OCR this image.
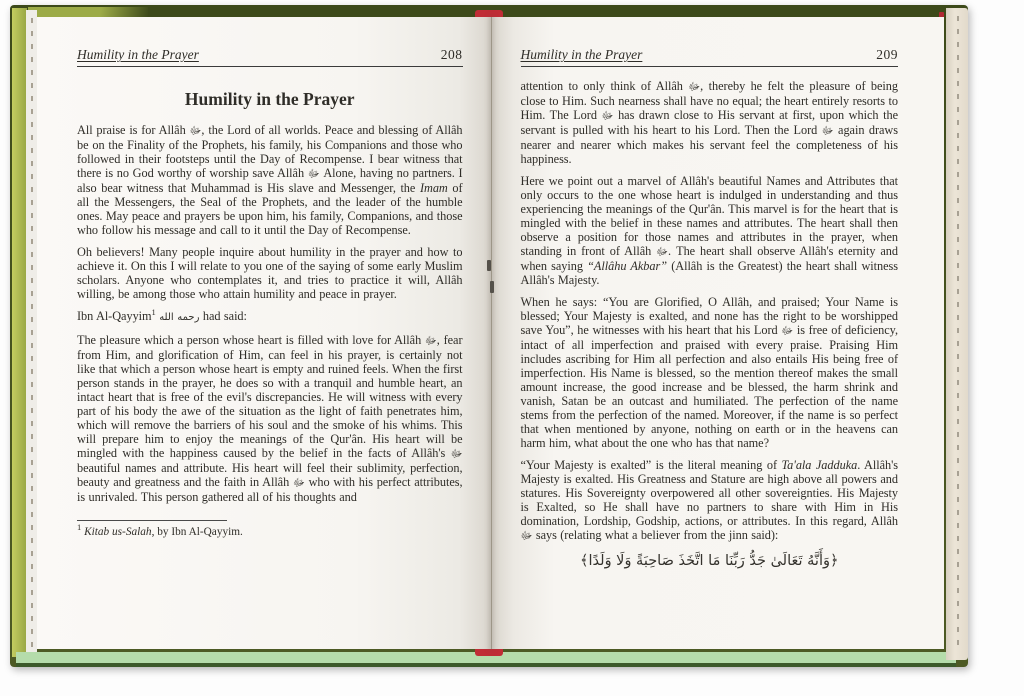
Humility in the Prayer	208
Humility in the Prayer

All praise is for Allâh ﷻ, the Lord of all worlds. Peace and blessing of Allâh be on the Finality of the Prophets, his family, his Companions and those who followed in their footsteps until the Day of Recompense. I bear witness that there is no God worthy of worship save Allâh ﷻ Alone, having no partners. I also bear witness that Muhammad is His slave and Messenger, the Imam of all the Messengers, the Seal of the Prophets, and the leader of the humble ones. May peace and prayers be upon him, his family, Companions, and those who follow his message and call to it until the Day of Recompense.

Oh believers! Many people inquire about humility in the prayer and how to achieve it. On this I will relate to you one of the saying of some early Muslim scholars. Anyone who contemplates it, and tries to practice it will, Allâh willing, be among those who attain humility and peace in prayer.

Ibn Al-Qayyim$^1$ رحمه الله had said:

The pleasure which a person whose heart is filled with love for Allâh ﷻ, fear from Him, and glorification of Him, can feel in his prayer, is certainly not like that which a person whose heart is empty and ruined feels. When the first person stands in the prayer, he does so with a tranquil and humble heart, an intact heart that is free of the evil's discrepancies. He will witness with every part of his body the awe of the situation as the light of faith penetrates him, which will remove the barriers of his soul and the smoke of his whims. This will prepare him to enjoy the meanings of the Qur'ân. His heart will be mingled with the happiness caused by the belief in the facts of Allâh's ﷻ beautiful names and attribute. His heart will feel their sublimity, perfection, beauty and greatness and the faith in Allâh ﷻ who with his perfect attributes, is unrivaled. This person gathered all of his thoughts and

$^1$ Kitab us-Salah, by Ibn Al-Qayyim.
Humility in the Prayer	209

attention to only think of Allâh ﷻ, thereby he felt the pleasure of being close to Him. Such nearness shall have no equal; the heart entirely resorts to Him. The Lord ﷻ has drawn close to His servant at first, upon which the servant is pulled with his heart to his Lord. Then the Lord ﷻ again draws nearer and nearer which makes his servant feel the completeness of his happiness.

Here we point out a marvel of Allâh's beautiful Names and Attributes that only occurs to the one whose heart is indulged in understanding and thus experiencing the meanings of the Qur'ân. This marvel is for the heart that is mingled with the belief in these names and attributes. The heart shall then observe a position for those names and attributes in the prayer, when standing in front of Allâh ﷻ. The heart shall observe Allâh's eternity and when saying “Allâhu Akbar” (Allâh is the Greatest) the heart shall witness Allâh's Majesty.

When he says: “You are Glorified, O Allâh, and praised; Your Name is blessed; Your Majesty is exalted, and none has the right to be worshipped save You”, he witnesses with his heart that his Lord ﷻ is free of deficiency, intact of all imperfection and praised with every praise. Praising Him includes ascribing for Him all perfection and also entails His being free of imperfection. His Name is blessed, so the mention thereof makes the small amount increase, the good increase and be blessed, the harm shrink and vanish, Satan be an outcast and humiliated. The perfection of the name stems from the perfection of the named. Moreover, if the name is so perfect that when mentioned by anyone, nothing on earth or in the heavens can harm him, what about the one who has that name?

“Your Majesty is exalted” is the literal meaning of Ta'ala Jadduka. Allâh's Majesty is exalted. His Greatness and Stature are high above all powers and statures. His Sovereignty overpowered all other sovereignties. His Majesty is Exalted, so He shall have no partners to share with Him in His domination, Lordship, Godship, actions, or attributes. In this regard, Allâh ﷻ says (relating what a believer from the jinn said):

﴿وَأَنَّهُ تَعَالَىٰ جَدُّ رَبِّنَا مَا اتَّخَذَ صَاحِبَةً وَلَا وَلَدًا﴾
